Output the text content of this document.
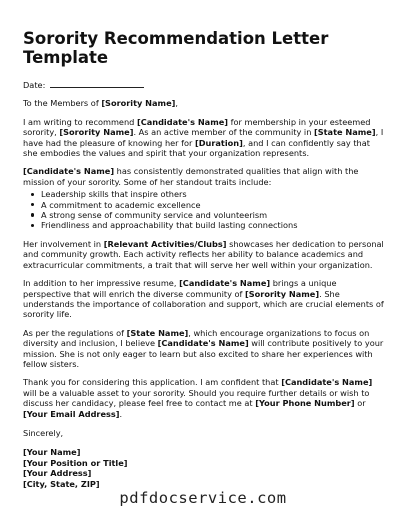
Sorority Recommendation Letter Template
Date:

To the Members of [Sorority Name],

I am writing to recommend [Candidate's Name] for membership in your esteemed sorority, [Sorority Name]. As an active member of the community in [State Name], I have had the pleasure of knowing her for [Duration], and I can confidently say that she embodies the values and spirit that your organization represents.

[Candidate's Name] has consistently demonstrated qualities that align with the mission of your sorority. Some of her standout traits include:

Leadership skills that inspire others
A commitment to academic excellence
A strong sense of community service and volunteerism
Friendliness and approachability that build lasting connections

Her involvement in [Relevant Activities/Clubs] showcases her dedication to personal and community growth. Each activity reflects her ability to balance academics and extracurricular commitments, a trait that will serve her well within your organization.

In addition to her impressive resume, [Candidate's Name] brings a unique perspective that will enrich the diverse community of [Sorority Name]. She understands the importance of collaboration and support, which are crucial elements of sorority life.

As per the regulations of [State Name], which encourage organizations to focus on diversity and inclusion, I believe [Candidate's Name] will contribute positively to your mission. She is not only eager to learn but also excited to share her experiences with fellow sisters.

Thank you for considering this application. I am confident that [Candidate's Name] will be a valuable asset to your sorority. Should you require further details or wish to discuss her candidacy, please feel free to contact me at [Your Phone Number] or [Your Email Address].

Sincerely,

[Your Name]
[Your Position or Title]
[Your Address]
[City, State, ZIP]
pdfdocservice.com
